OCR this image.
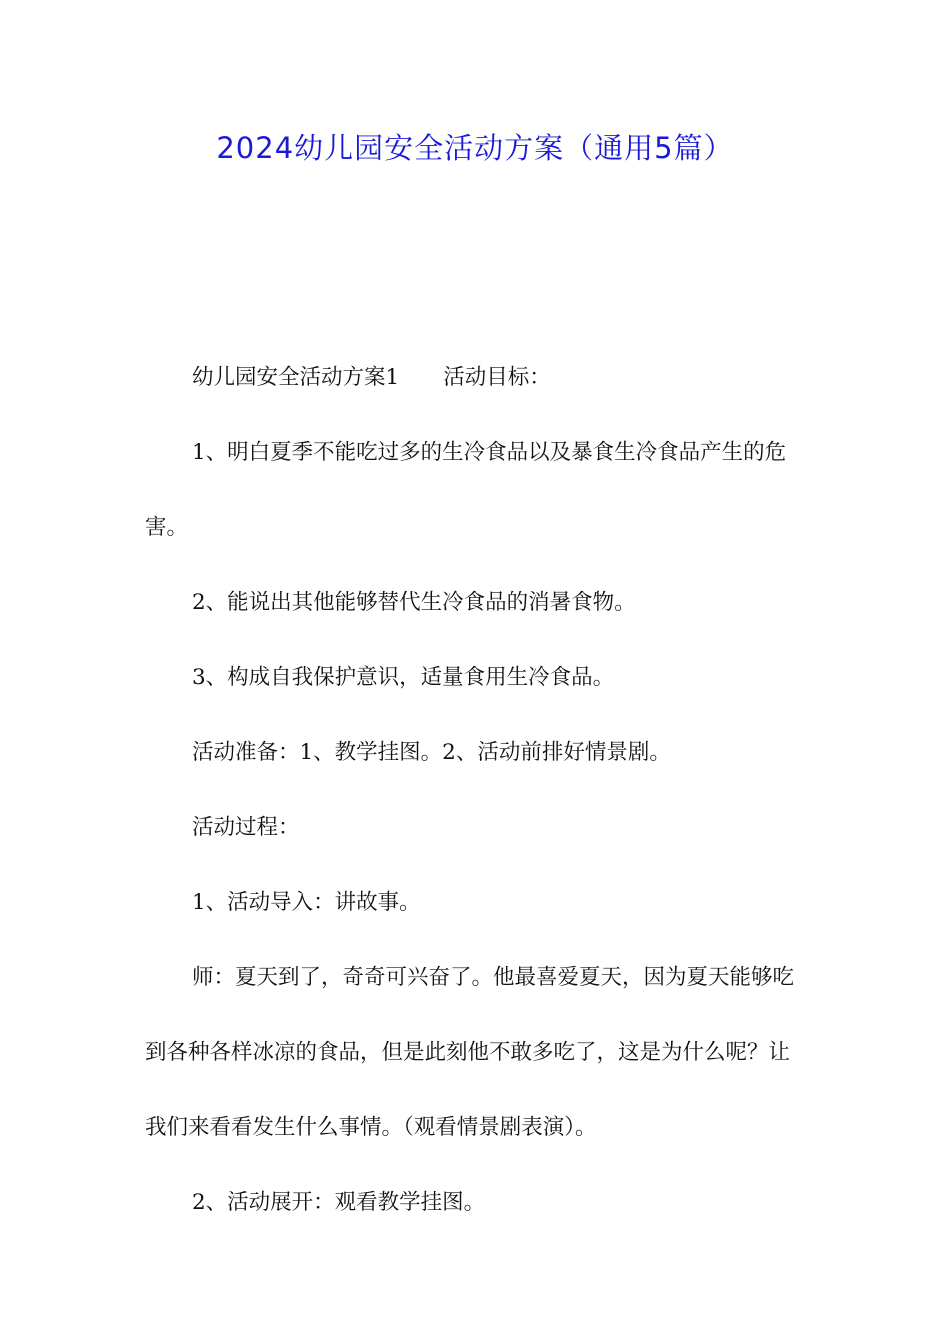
2024幼儿园安全活动方案（通用5篇）

幼儿园安全活动方案1 活动目标：

1、明白夏季不能吃过多的生冷食品以及暴食生冷食品产生的危害。

2、能说出其他能够替代生冷食品的消暑食物。

3、构成自我保护意识，适量食用生冷食品。

活动准备：1、教学挂图。2、活动前排好情景剧。

活动过程：

1、活动导入：讲故事。

师：夏天到了，奇奇可兴奋了。他最喜爱夏天，因为夏天能够吃到各种各样冰凉的食品，但是此刻他不敢多吃了，这是为什么呢？让我们来看看发生什么事情。（观看情景剧表演）。

2、活动展开：观看教学挂图。
